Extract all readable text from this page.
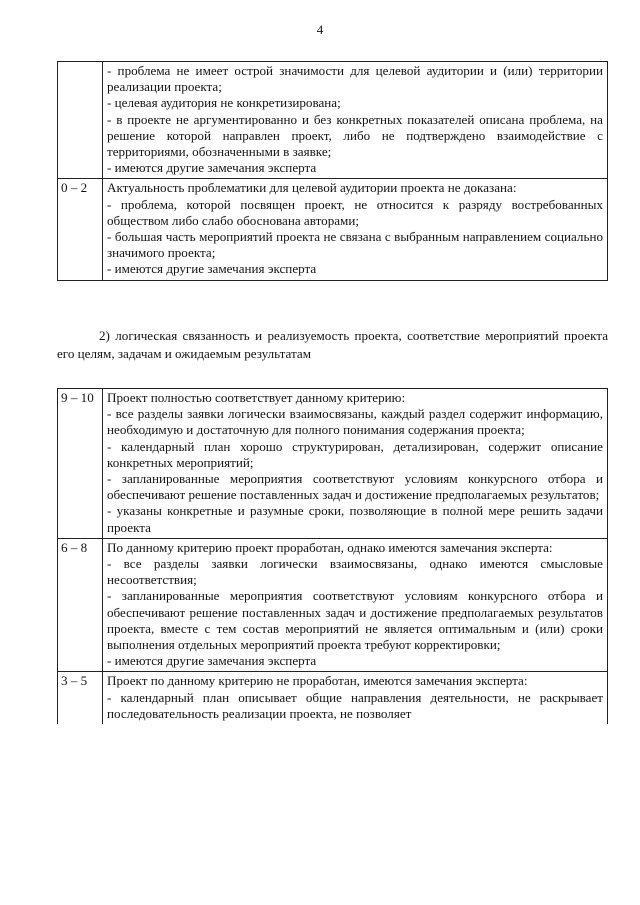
4

	- проблема не имеет острой значимости для целевой аудитории и (или) территории реализации проекта;
- целевая аудитория не конкретизирована;
- в проекте не аргументированно и без конкретных показателей описана проблема, на решение которой направлен проект, либо не подтверждено взаимодействие с территориями, обозначенными в заявке;
- имеются другие замечания эксперта

0 – 2	Актуальность проблематики для целевой аудитории проекта не доказана:
- проблема, которой посвящен проект, не относится к разряду востребованных обществом либо слабо обоснована авторами;
- большая часть мероприятий проекта не связана с выбранным направлением социально значимого проекта;
- имеются другие замечания эксперта
2) логическая связанность и реализуемость проекта, соответствие мероприятий проекта его целям, задачам и ожидаемым результатам
9 – 10	Проект полностью соответствует данному критерию:
- все разделы заявки логически взаимосвязаны, каждый раздел содержит информацию, необходимую и достаточную для полного понимания содержания проекта;
- календарный план хорошо структурирован, детализирован, содержит описание конкретных мероприятий;
- запланированные мероприятия соответствуют условиям конкурсного отбора и обеспечивают решение поставленных задач и достижение предполагаемых результатов;
- указаны конкретные и разумные сроки, позволяющие в полной мере решить задачи проекта

6 – 8	По данному критерию проект проработан, однако имеются замечания эксперта:
- все разделы заявки логически взаимосвязаны, однако имеются смысловые несоответствия;
- запланированные мероприятия соответствуют условиям конкурсного отбора и обеспечивают решение поставленных задач и достижение предполагаемых результатов проекта, вместе с тем состав мероприятий не является оптимальным и (или) сроки выполнения отдельных мероприятий проекта требуют корректировки;
- имеются другие замечания эксперта

3 – 5	Проект по данному критерию не проработан, имеются замечания эксперта:
- календарный план описывает общие направления деятельности, не раскрывает последовательность реализации проекта, не позволяет
